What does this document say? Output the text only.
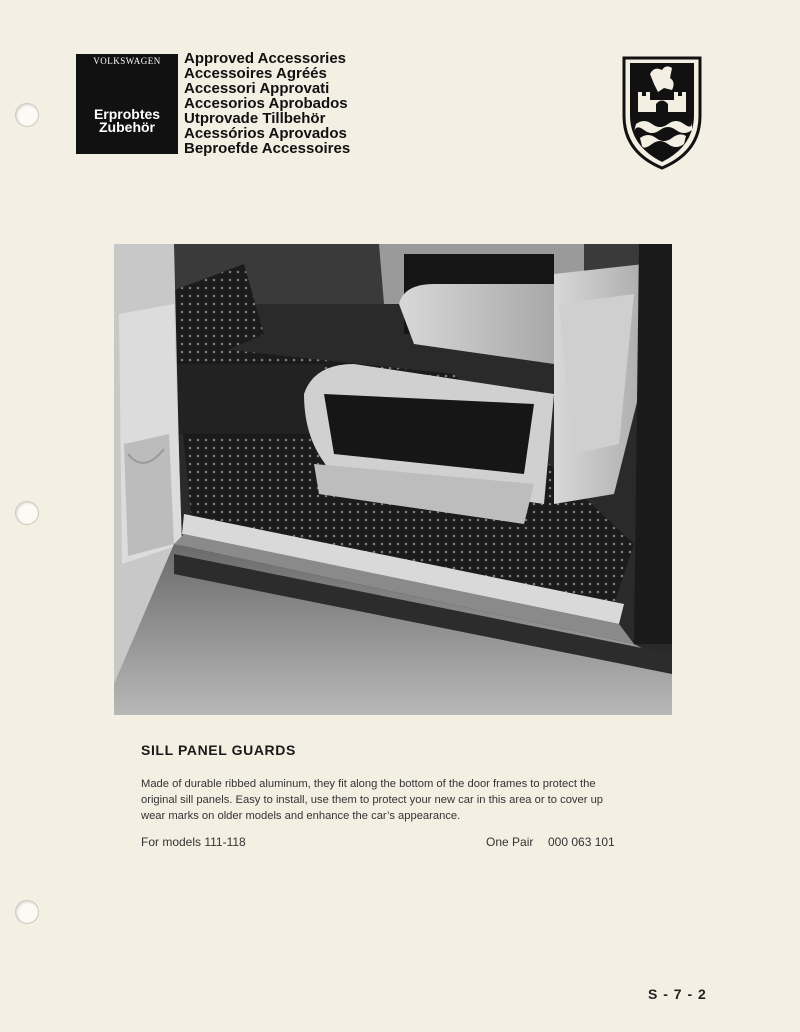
VOLKSWAGEN
Erprobtes
Zubehör
Approved Accessories
Accessoires Agréés
Accessori Approvati
Accesorios Aprobados
Utprovade Tillbehör
Acessórios Aprovados
Beproefde Accessoires
SILL PANEL GUARDS

Made of durable ribbed aluminum, they fit along the bottom of the door frames to protect the

original sill panels. Easy to install, use them to protect your new car in this area or to cover up

wear marks on older models and enhance the car’s appearance.

For models 111-118	One Pair 000 063 101
S - 7 - 2
